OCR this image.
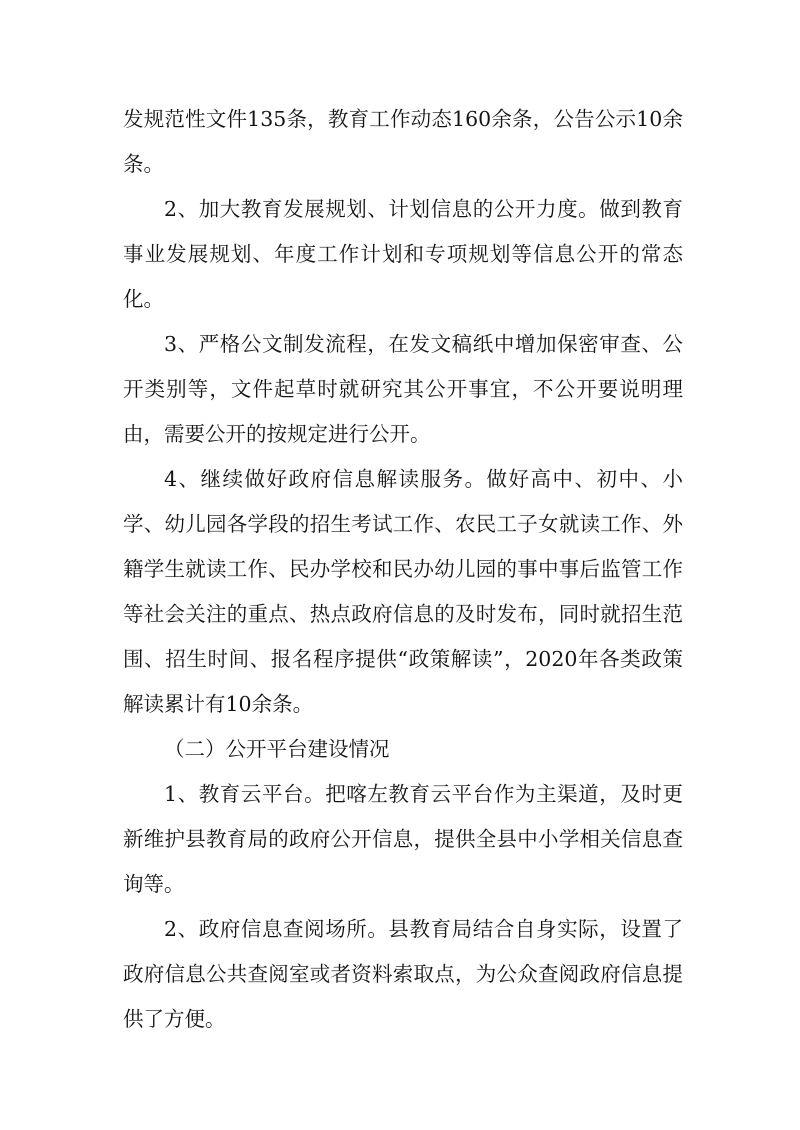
发规范性文件135条，教育工作动态160余条，公告公示10余条。

2、加大教育发展规划、计划信息的公开力度。做到教育事业发展规划、年度工作计划和专项规划等信息公开的常态化。

3、严格公文制发流程，在发文稿纸中增加保密审查、公开类别等，文件起草时就研究其公开事宜，不公开要说明理由，需要公开的按规定进行公开。

4、继续做好政府信息解读服务。做好高中、初中、小学、幼儿园各学段的招生考试工作、农民工子女就读工作、外籍学生就读工作、民办学校和民办幼儿园的事中事后监管工作等社会关注的重点、热点政府信息的及时发布，同时就招生范围、招生时间、报名程序提供“政策解读”，2020年各类政策解读累计有10余条。

（二）公开平台建设情况

1、教育云平台。把喀左教育云平台作为主渠道，及时更新维护县教育局的政府公开信息，提供全县中小学相关信息查询等。

2、政府信息查阅场所。县教育局结合自身实际，设置了政府信息公共查阅室或者资料索取点，为公众查阅政府信息提供了方便。
